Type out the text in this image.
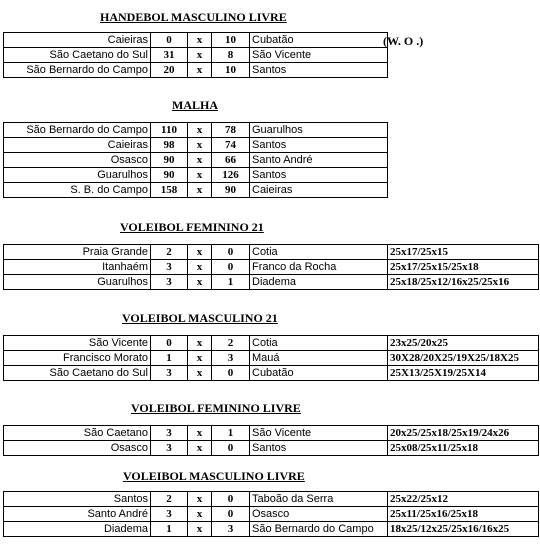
HANDEBOL MASCULINO LIVRE
(W. O .)
Caieiras	0	x	10	Cubatão
São Caetano do Sul	31	x	8	São Vicente
São Bernardo do Campo	20	x	10	Santos
MALHA
São Bernardo do Campo	110	x	78	Guarulhos
Caieiras	98	x	74	Santos
Osasco	90	x	66	Santo André
Guarulhos	90	x	126	Santos
S. B. do Campo	158	x	90	Caieiras
VOLEIBOL FEMININO 21
Praia Grande	2	x	0	Cotia	25x17/25x15
Itanhaém	3	x	0	Franco da Rocha	25x17/25x15/25x18
Guarulhos	3	x	1	Diadema	25x18/25x12/16x25/25x16
VOLEIBOL MASCULINO 21
São Vicente	0	x	2	Cotia	23x25/20x25
Francisco Morato	1	x	3	Mauá	30X28/20X25/19X25/18X25
São Caetano do Sul	3	x	0	Cubatão	25X13/25X19/25X14
VOLEIBOL FEMININO LIVRE
São Caetano	3	x	1	São Vicente	20x25/25x18/25x19/24x26
Osasco	3	x	0	Santos	25x08/25x11/25x18
VOLEIBOL MASCULINO LIVRE
Santos	2	x	0	Taboão da Serra	25x22/25x12
Santo André	3	x	0	Osasco	25x11/25x16/25x18
Diadema	1	x	3	São Bernardo do Campo	18x25/12x25/25x16/16x25
